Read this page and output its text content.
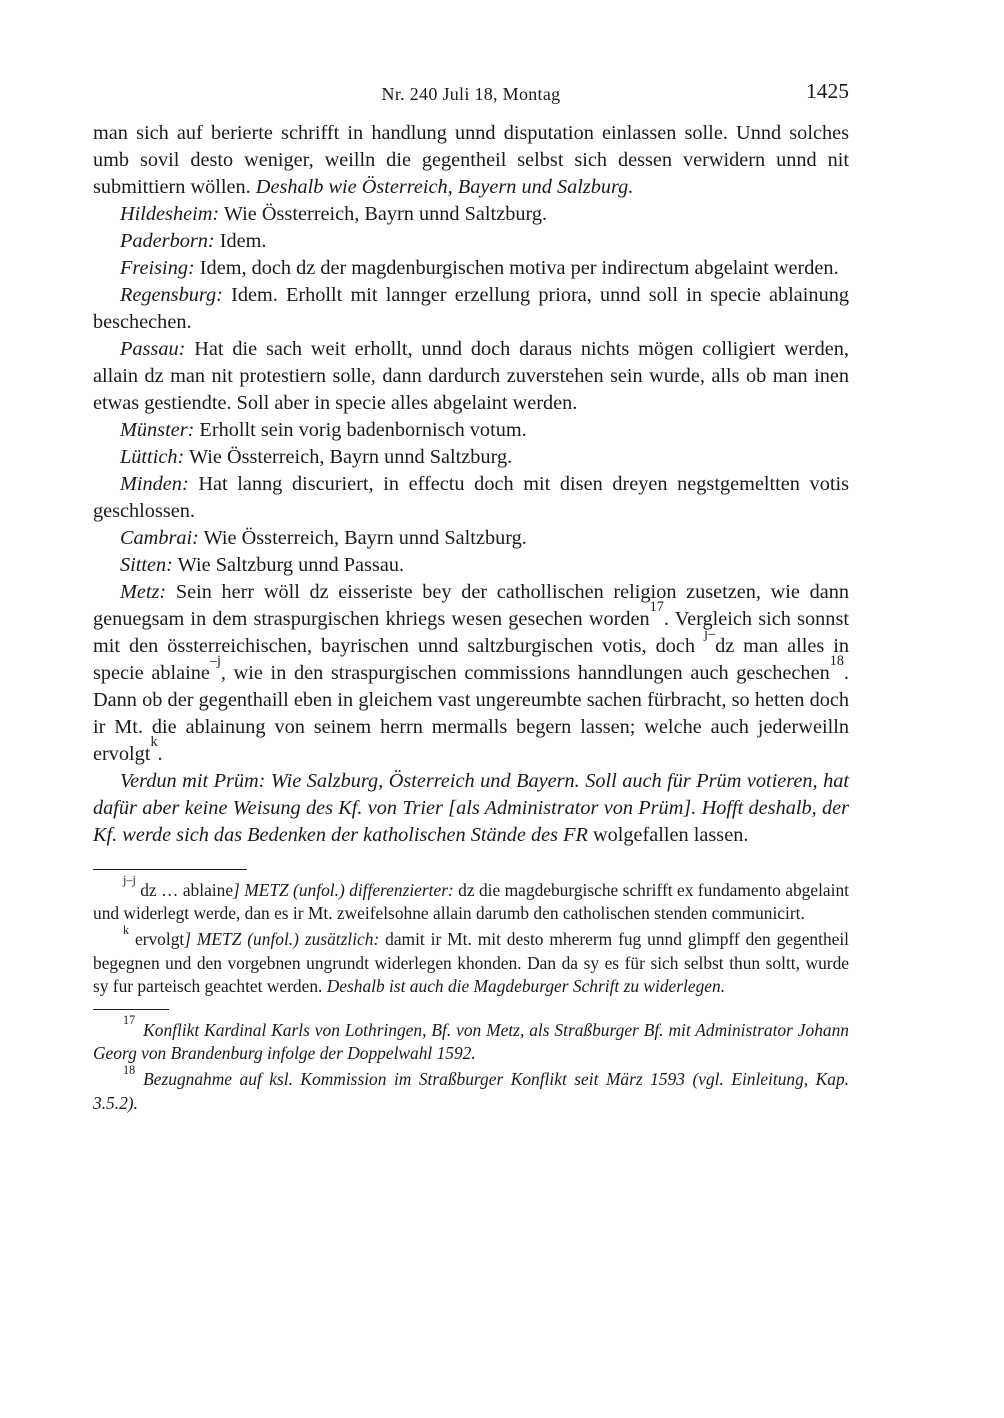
Nr. 240 Juli 18, Montag	1425

man sich auf berierte schrifft in handlung unnd disputation einlassen solle. Unnd solches umb sovil desto weniger, weilln die gegentheil selbst sich dessen verwidern unnd nit submittiern wöllen. Deshalb wie Österreich, Bayern und Salzburg.

Hildesheim: Wie Össterreich, Bayrn unnd Saltzburg.

Paderborn: Idem.

Freising: Idem, doch dz der magdenburgischen motiva per indirectum abgelaint werden.

Regensburg: Idem. Erhollt mit lannger erzellung priora, unnd soll in specie ablainung beschechen.

Passau: Hat die sach weit erhollt, unnd doch daraus nichts mögen colligiert werden, allain dz man nit protestiern solle, dann dardurch zuverstehen sein wurde, alls ob man inen etwas gestiendte. Soll aber in specie alles abgelaint werden.

Münster: Erhollt sein vorig badenbornisch votum.

Lüttich: Wie Össterreich, Bayrn unnd Saltzburg.

Minden: Hat lanng discuriert, in effectu doch mit disen dreyen negstgemeltten votis geschlossen.

Cambrai: Wie Össterreich, Bayrn unnd Saltzburg.

Sitten: Wie Saltzburg unnd Passau.

Metz: Sein herr wöll dz eisseriste bey der cathollischen religion zusetzen, wie dann genuegsam in dem straspurgischen khriegs wesen gesechen worden$^{17}$. Vergleich sich sonnst mit den össterreichischen, bayrischen unnd saltzburgischen votis, doch $^{j-}$dz man alles in specie ablaine$^{-j}$, wie in den straspurgischen commissions hanndlungen auch geschechen$^{18}$. Dann ob der gegenthaill eben in gleichem vast ungereumbte sachen fürbracht, so hetten doch ir Mt. die ablainung von seinem herrn mermalls begern lassen; welche auch jederweilln ervolgt$^k$.

Verdun mit Prüm: Wie Salzburg, Österreich und Bayern. Soll auch für Prüm votieren, hat dafür aber keine Weisung des Kf. von Trier [als Administrator von Prüm]. Hofft deshalb, der Kf. werde sich das Bedenken der katholischen Stände des FR wolgefallen lassen.

$^{j-j}$ dz … ablaine] METZ (unfol.) differenzierter: dz die magdeburgische schrifft ex fundamento abgelaint und widerlegt werde, dan es ir Mt. zweifelsohne allain darumb den catholischen stenden communicirt.

$^k$ ervolgt] METZ (unfol.) zusätzlich: damit ir Mt. mit desto mhererm fug unnd glimpff den gegentheil begegnen und den vorgebnen ungrundt widerlegen khonden. Dan da sy es für sich selbst thun soltt, wurde sy fur parteisch geachtet werden. Deshalb ist auch die Magdeburger Schrift zu widerlegen.

$^{17}$ Konflikt Kardinal Karls von Lothringen, Bf. von Metz, als Straßburger Bf. mit Administrator Johann Georg von Brandenburg infolge der Doppelwahl 1592.

$^{18}$ Bezugnahme auf ksl. Kommission im Straßburger Konflikt seit März 1593 (vgl. Einleitung, Kap. 3.5.2).
